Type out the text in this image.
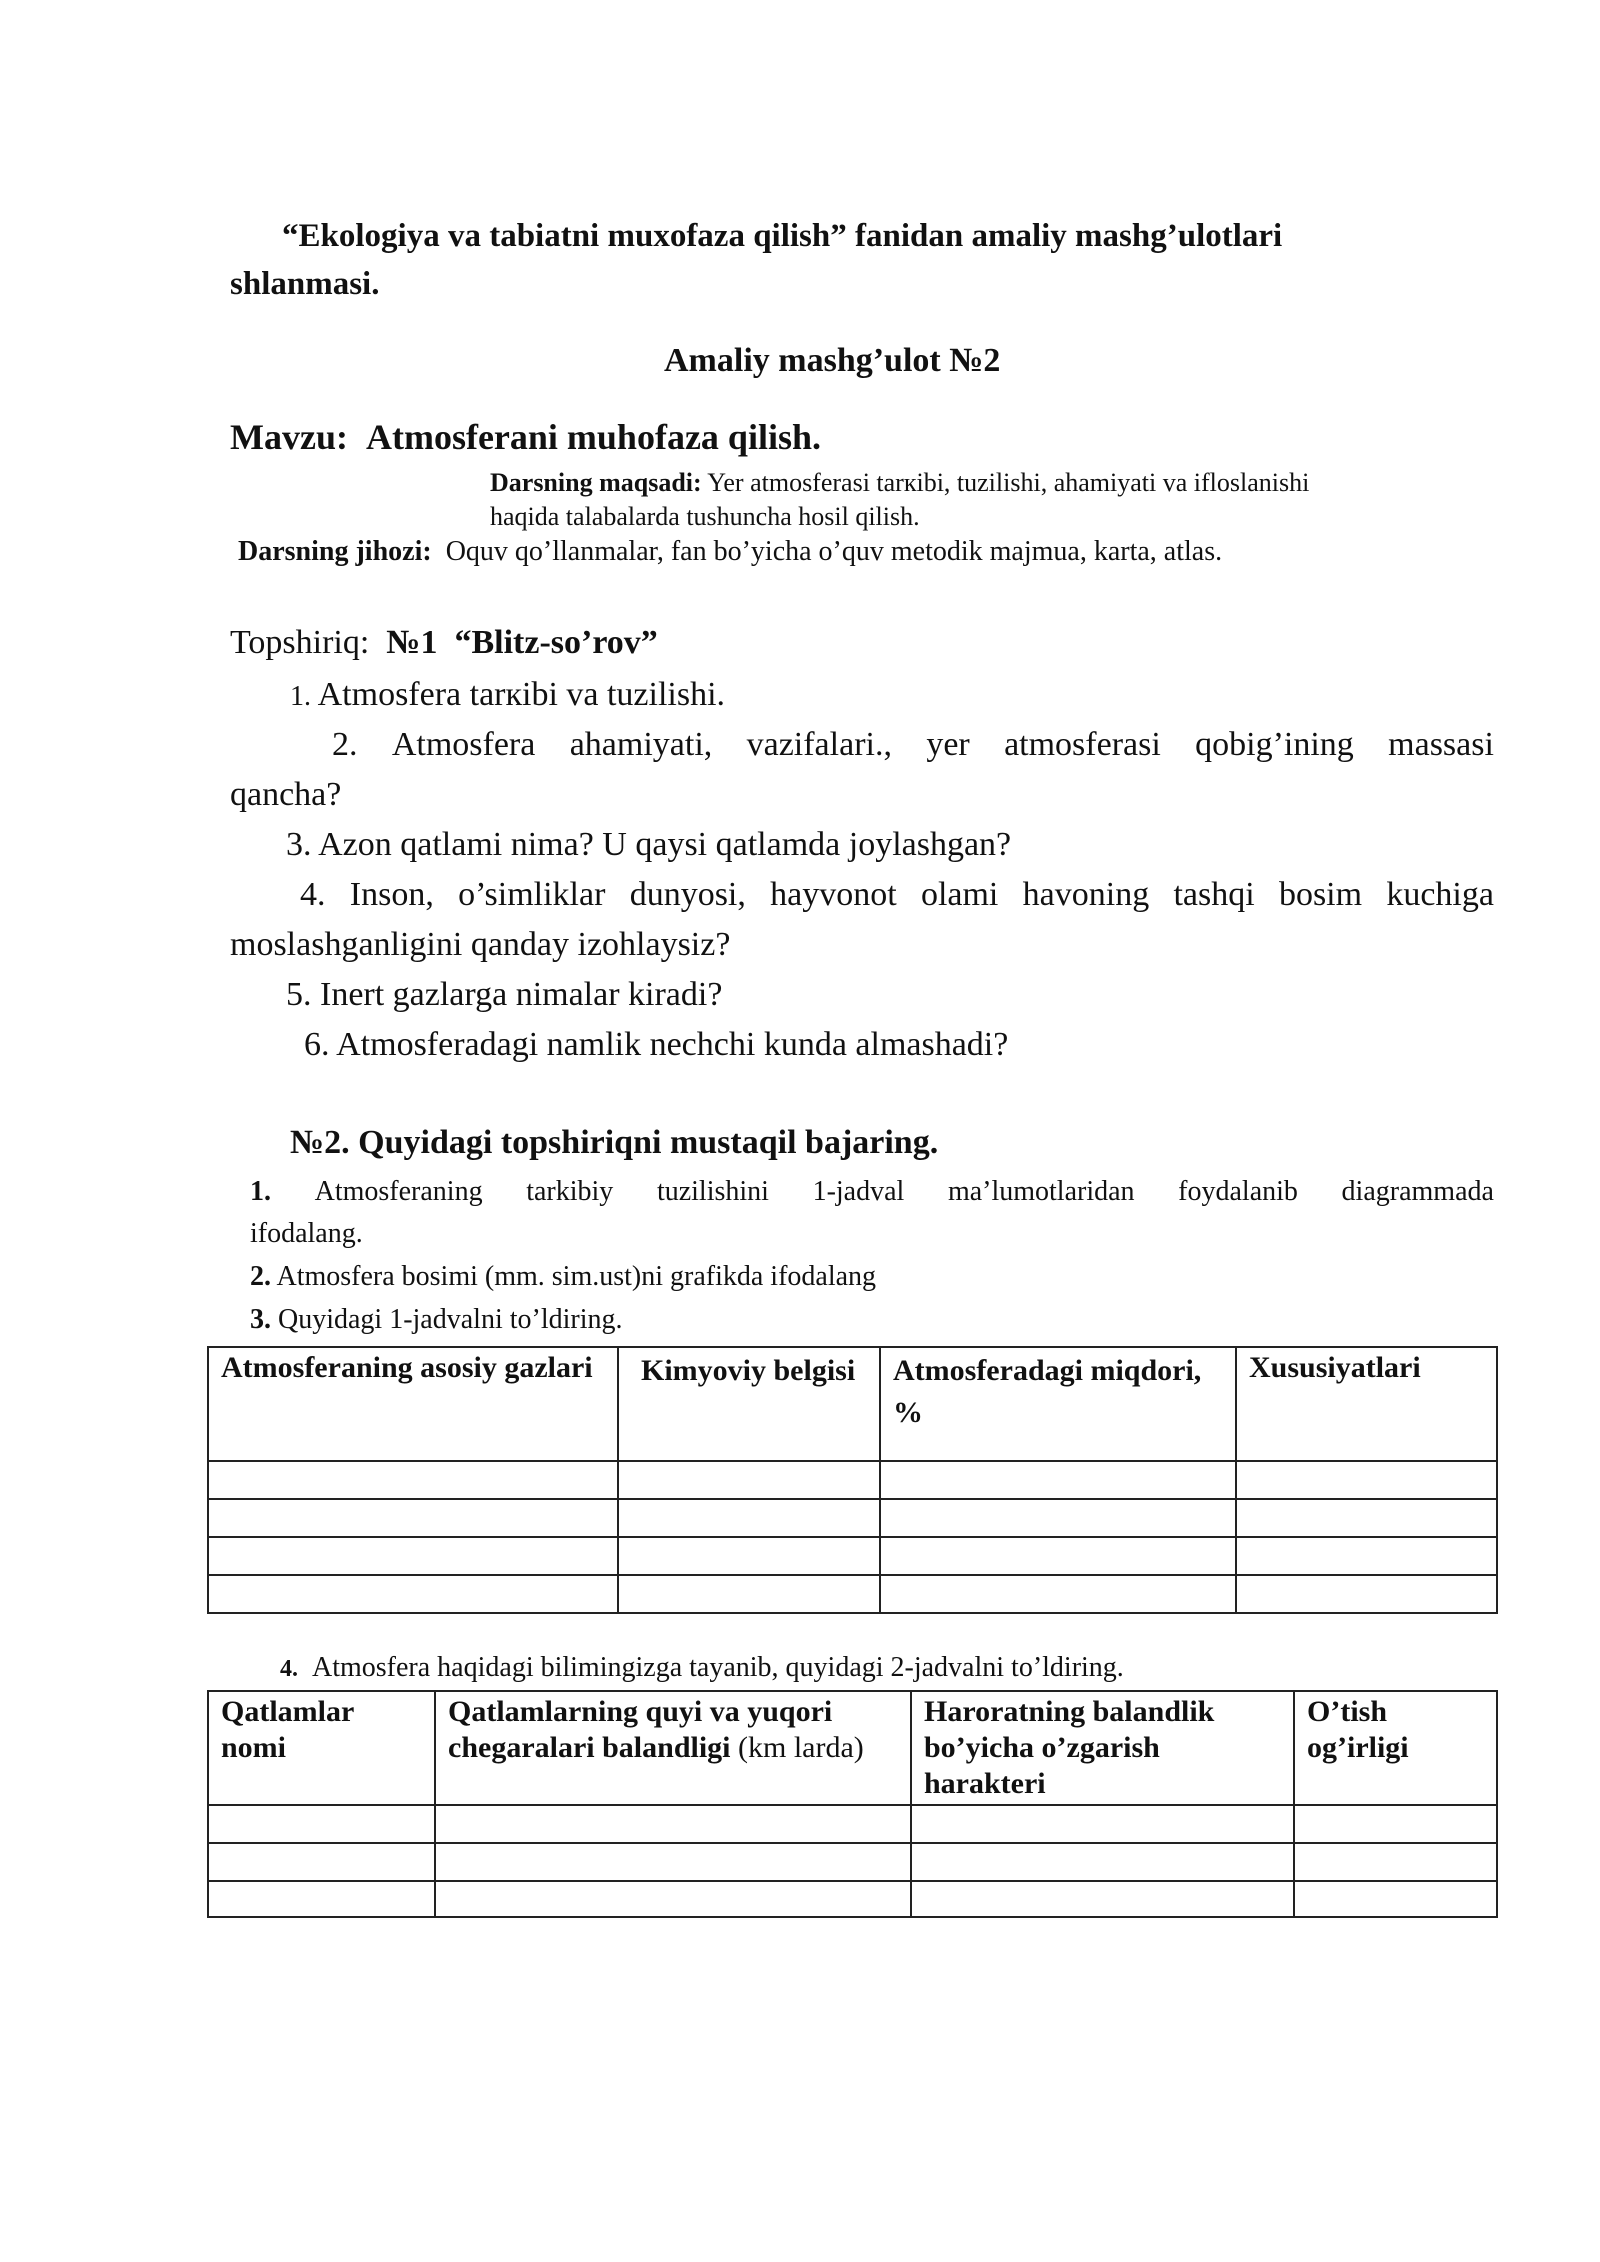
“Ekologiya va tabiatni muxofaza qilish” fanidan amaliy mashg’ulotlari
shlanmasi.
Amaliy mashg’ulot №2
Mavzu: Atmosferani muhofaza qilish.
Darsning maqsadi: Yer atmosferasi tarкibi, tuzilishi, ahamiyati va ifloslanishi
haqida talabalarda tushuncha hosil qilish.
Darsning jihozi: Oquv qo’llanmalar, fan bo’yicha o’quv metodik majmua, karta, atlas.
Topshiriq: №1 “Blitz-so’rov”
1. Atmosfera tarкibi va tuzilishi.
2. Atmosfera ahamiyati, vazifalari., yer atmosferasi qobig’ining massasi
qancha?
3. Azon qatlami nima? U qaysi qatlamda joylashgan?
4. Inson, o’simliklar dunyosi, hayvonot olami havoning tashqi bosim kuchiga
moslashganligini qanday izohlaysiz?
5. Inert gazlarga nimalar kiradi?
6. Atmosferadagi namlik nechchi kunda almashadi?
№2. Quyidagi topshiriqni mustaqil bajaring.
1. Atmosferaning tarkibiy tuzilishini 1-jadval ma’lumotlaridan foydalanib diagrammada
ifodalang.
2. Atmosfera bosimi (mm. sim.ust)ni grafikda ifodalang
3. Quyidagi 1-jadvalni to’ldiring.
Atmosferaning asosiy gazlari	Kimyoviy belgisi	Atmosferadagi miqdori, %	Xususiyatlari

4. Atmosfera haqidagi bilimingizga tayanib, quyidagi 2-jadvalni to’ldiring.
Qatlamlar nomi	Qatlamlarning quyi va yuqori chegaralari balandligi (km larda)	Haroratning balandlik bo’yicha o’zgarish harakteri	O’tish og’irligi
